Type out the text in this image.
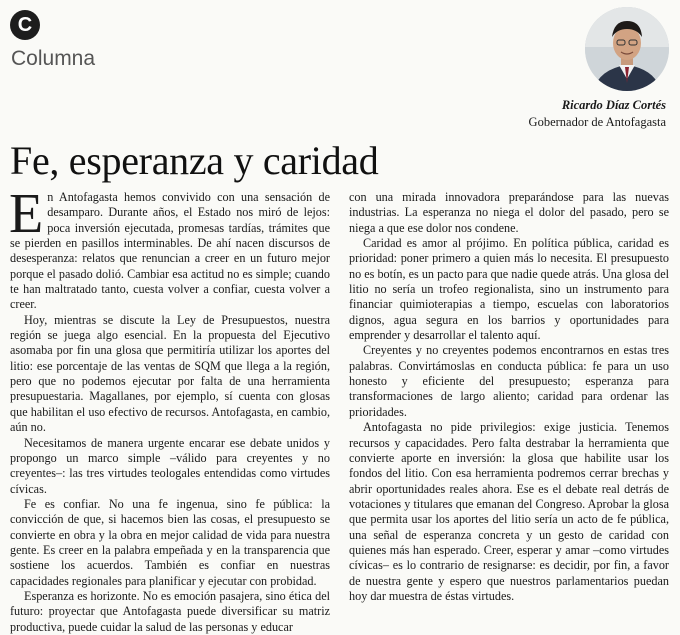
C
Columna
Ricardo Díaz Cortés
Gobernador de Antofagasta
Fe, esperanza y caridad

En Antofagasta hemos convivido con una sensación de desamparo. Durante años, el Estado nos miró de lejos: poca inversión ejecutada, promesas tardías, trámites que se pierden en pasillos interminables. De ahí nacen discursos de desesperanza: relatos que renuncian a creer en un futuro mejor porque el pasado dolió. Cambiar esa actitud no es simple; cuando te han maltratado tanto, cuesta volver a confiar, cuesta volver a creer.

Hoy, mientras se discute la Ley de Presupuestos, nuestra región se juega algo esencial. En la propuesta del Ejecutivo asomaba por fin una glosa que permitiría utilizar los aportes del litio: ese porcentaje de las ventas de SQM que llega a la región, pero que no podemos ejecutar por falta de una herramienta presupuestaria. Magallanes, por ejemplo, sí cuenta con glosas que habilitan el uso efectivo de recursos. Antofagasta, en cambio, aún no.

Necesitamos de manera urgente encarar ese debate unidos y propongo un marco simple –válido para creyentes y no creyentes–: las tres virtudes teologales entendidas como virtudes cívicas.

Fe es confiar. No una fe ingenua, sino fe pública: la convicción de que, si hacemos bien las cosas, el presupuesto se convierte en obra y la obra en mejor calidad de vida para nuestra gente. Es creer en la palabra empeñada y en la transparencia que sostiene los acuerdos. También es confiar en nuestras capacidades regionales para planificar y ejecutar con probidad.

Esperanza es horizonte. No es emoción pasajera, sino ética del futuro: proyectar que Antofagasta puede diversificar su matriz productiva, puede cuidar la salud de las personas y educar

con una mirada innovadora preparándose para las nuevas industrias. La esperanza no niega el dolor del pasado, pero se niega a que ese dolor nos condene.

Caridad es amor al prójimo. En política pública, caridad es prioridad: poner primero a quien más lo necesita. El presupuesto no es botín, es un pacto para que nadie quede atrás. Una glosa del litio no sería un trofeo regionalista, sino un instrumento para financiar quimioterapias a tiempo, escuelas con laboratorios dignos, agua segura en los barrios y oportunidades para emprender y desarrollar el talento aquí.

Creyentes y no creyentes podemos encontrarnos en estas tres palabras. Convirtámoslas en conducta pública: fe para un uso honesto y eficiente del presupuesto; esperanza para transformaciones de largo aliento; caridad para ordenar las prioridades.

Antofagasta no pide privilegios: exige justicia. Tenemos recursos y capacidades. Pero falta destrabar la herramienta que convierte aporte en inversión: la glosa que habilite usar los fondos del litio. Con esa herramienta podremos cerrar brechas y abrir oportunidades reales ahora. Ese es el debate real detrás de votaciones y titulares que emanan del Congreso. Aprobar la glosa que permita usar los aportes del litio sería un acto de fe pública, una señal de esperanza concreta y un gesto de caridad con quienes más han esperado. Creer, esperar y amar –como virtudes cívicas– es lo contrario de resignarse: es decidir, por fin, a favor de nuestra gente y espero que nuestros parlamentarios puedan hoy dar muestra de éstas virtudes.
